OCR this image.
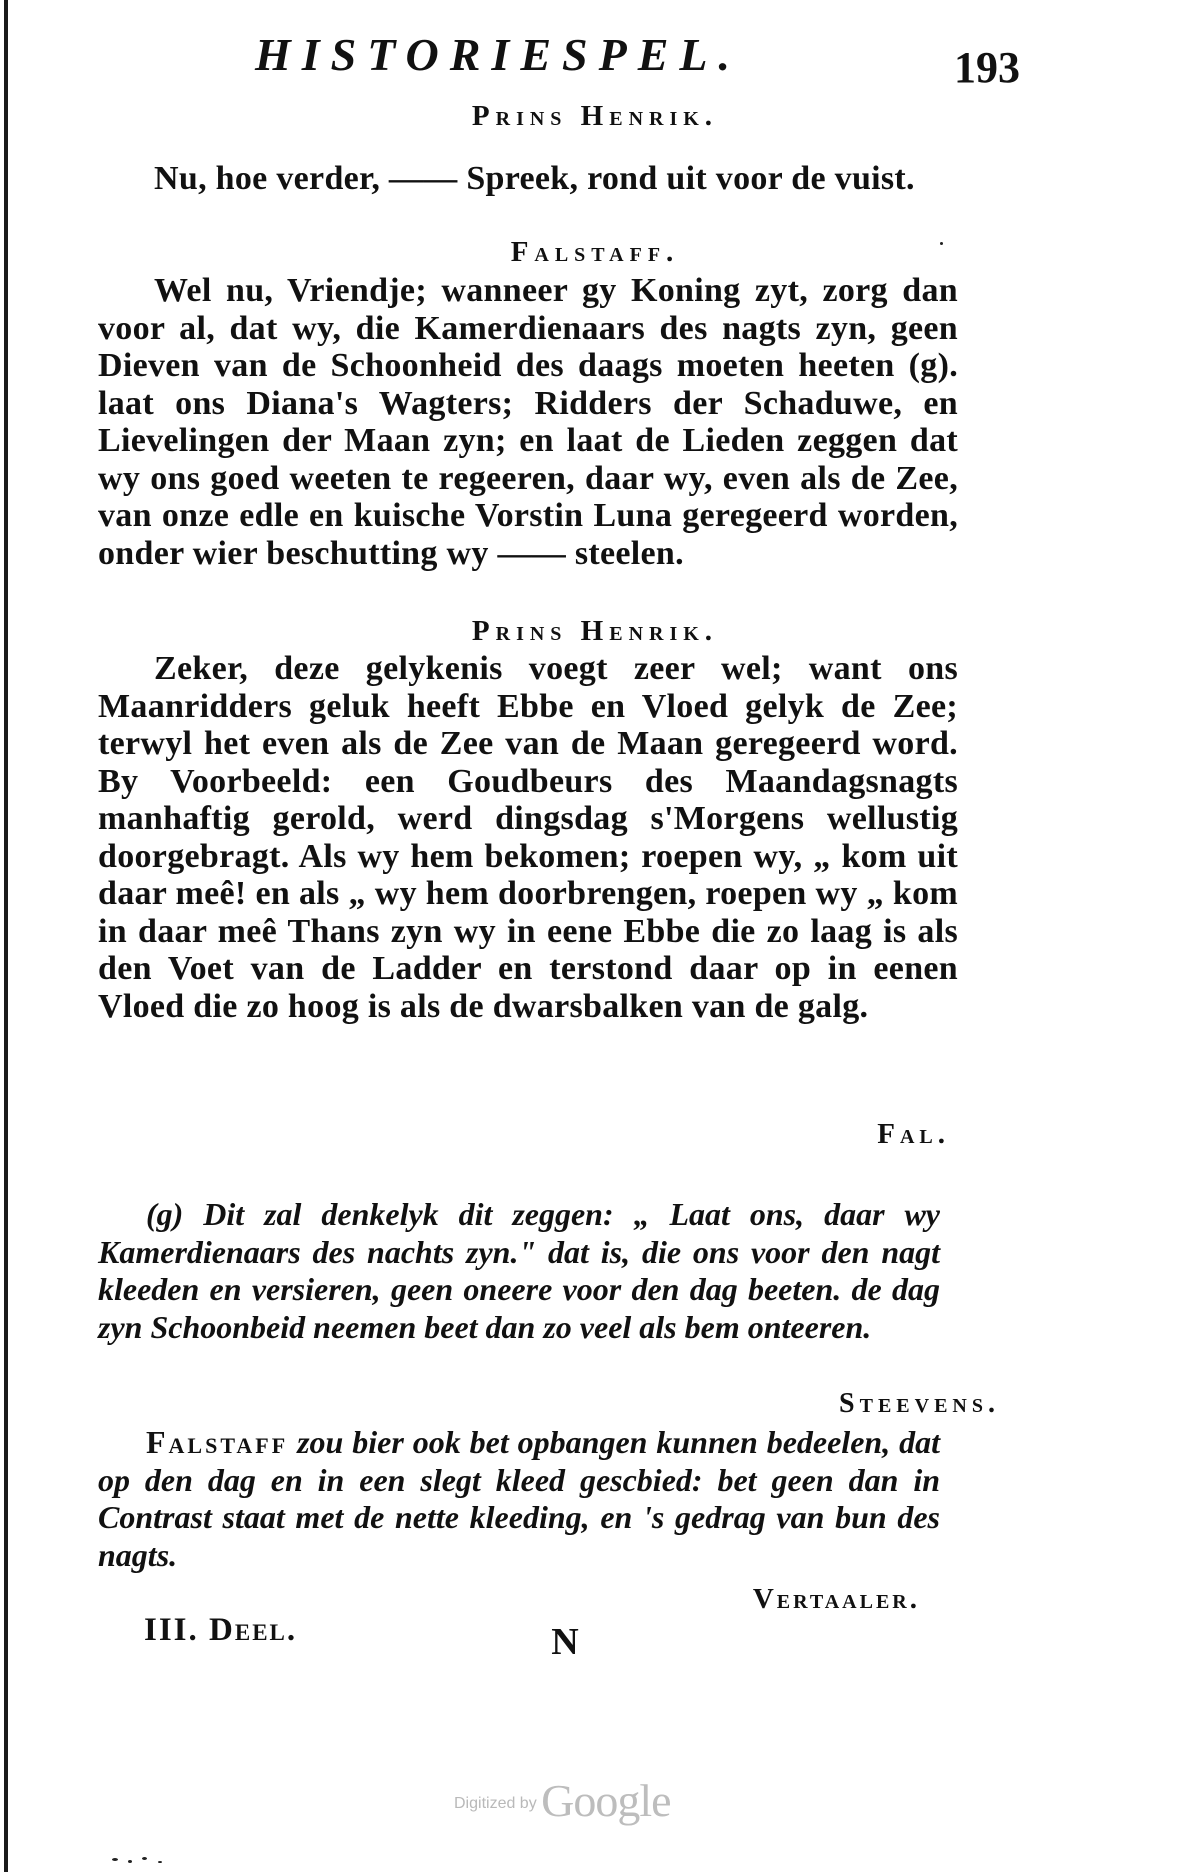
HISTORIESPEL.	193
Prins Henrik.

Nu, hoe verder, —— Spreek, rond uit voor de vuist.

Falstaff.

Wel nu, Vriendje; wanneer gy Koning zyt, zorg dan voor al, dat wy, die Kamerdienaars des nagts zyn, geen Dieven van de Schoonheid des daags moeten heeten (g). laat ons Diana's Wagters; Ridders der Schaduwe, en Lievelingen der Maan zyn; en laat de Lieden zeggen dat wy ons goed weeten te regeeren, daar wy, even als de Zee, van onze edle en kuische Vorstin Luna geregeerd worden, onder wier beschutting wy —— steelen.

Prins Henrik.

Zeker, deze gelykenis voegt zeer wel; want ons Maanridders geluk heeft Ebbe en Vloed gelyk de Zee; terwyl het even als de Zee van de Maan geregeerd word. By Voorbeeld: een Goudbeurs des Maandagsnagts manhaftig gerold, werd dingsdag s'Morgens wellustig doorgebragt. Als wy hem bekomen; roepen wy, „ kom uit daar meê! en als „ wy hem doorbrengen, roepen wy „ kom in daar meê Thans zyn wy in eene Ebbe die zo laag is als den Voet van de Ladder en terstond daar op in eenen Vloed die zo hoog is als de dwarsbalken van de galg.

Fal.

(g) Dit zal denkelyk dit zeggen: „ Laat ons, daar wy Kamerdienaars des nachts zyn." dat is, die ons voor den nagt kleeden en versieren, geen oneere voor den dag beeten. de dag zyn Schoonbeid neemen beet dan zo veel als bem onteeren.

Steevens.

Falstaff zou bier ook bet opbangen kunnen bedeelen, dat op den dag en in een slegt kleed gescbied: bet geen dan in Contrast staat met de nette kleeding, en 's gedrag van bun des nagts.

Vertaaler.
III. Deel.	N
Digitized by Google
